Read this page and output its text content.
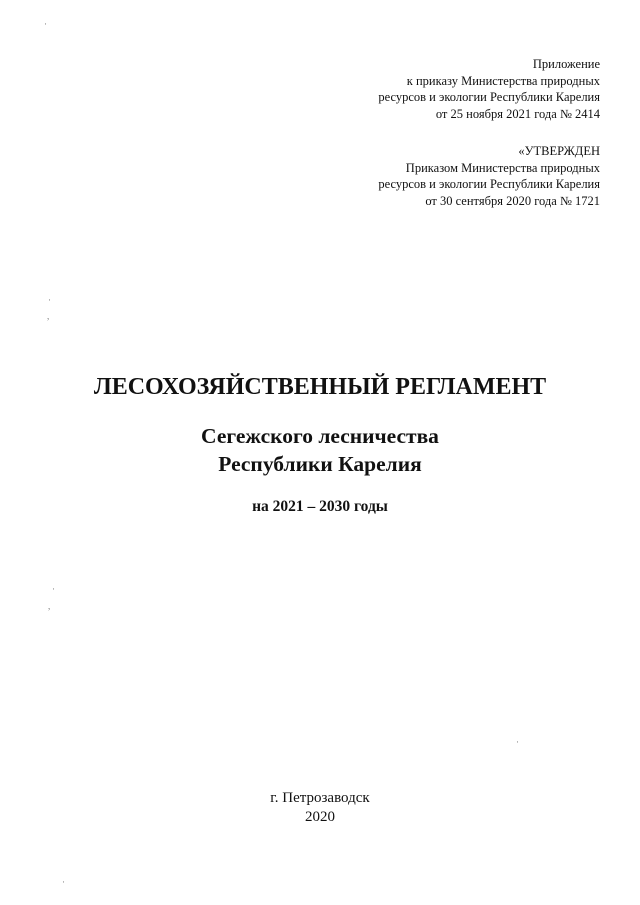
Приложение
к приказу Министерства природных
ресурсов и экологии Республики Карелия
от 25 ноября 2021 года № 2414
«УТВЕРЖДЕН
Приказом Министерства природных
ресурсов и экологии Республики Карелия
от 30 сентября 2020 года № 1721
ЛЕСОХОЗЯЙСТВЕННЫЙ РЕГЛАМЕНТ
Сегежского лесничества
Республики Карелия
на 2021 – 2030 годы
г. Петрозаводск
2020
·
·
,
·
,
·
·
